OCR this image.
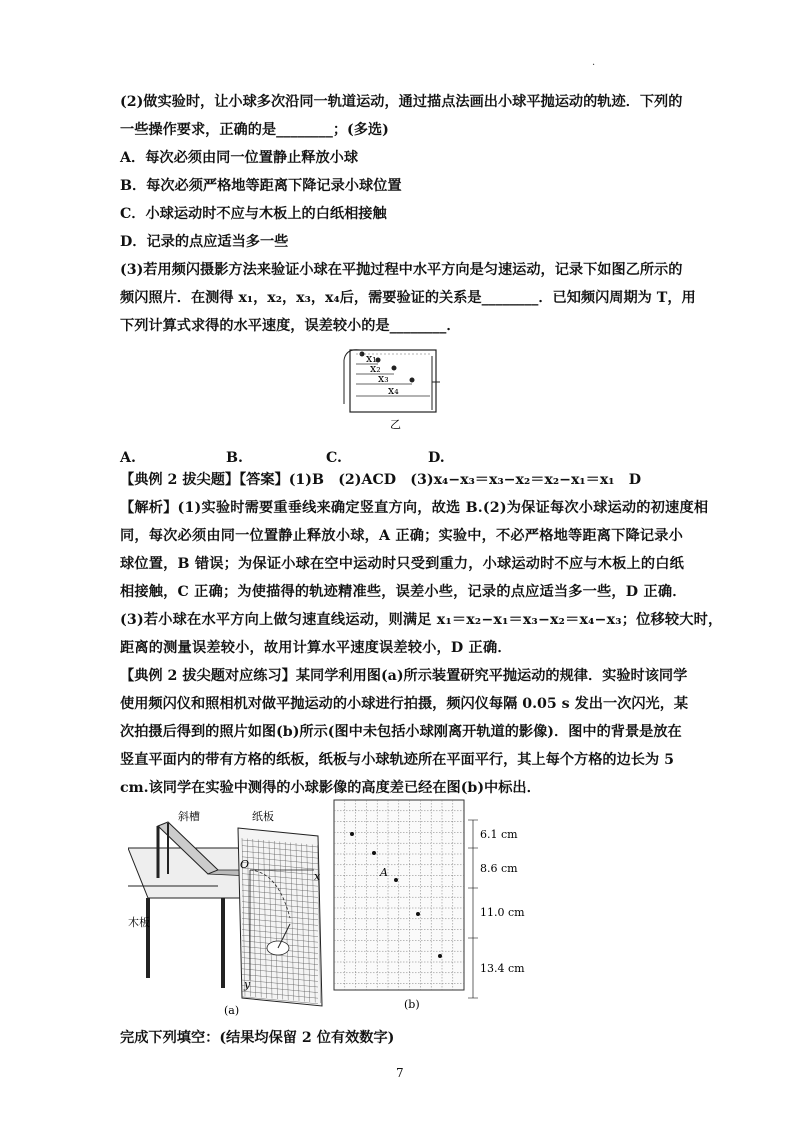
·
(2)做实验时，让小球多次沿同一轨道运动，通过描点法画出小球平抛运动的轨迹．下列的
一些操作要求，正确的是________；(多选)
A．每次必须由同一位置静止释放小球
B．每次必须严格地等距离下降记录小球位置
C．小球运动时不应与木板上的白纸相接触
D．记录的点应适当多一些
(3)若用频闪摄影方法来验证小球在平抛过程中水平方向是匀速运动，记录下如图乙所示的
频闪照片．在测得 x₁，x₂，x₃，x₄后，需要验证的关系是________．已知频闪周期为 T，用
下列计算式求得的水平速度，误差较小的是________．
x₁
x₂
x₃
x₄
乙
A.	B.	C.	D.
【典例 2 拔尖题】【答案】(1)B　(2)ACD　(3)x₄−x₃＝x₃−x₂＝x₂−x₁＝x₁　D
【解析】(1)实验时需要重垂线来确定竖直方向，故选 B.(2)为保证每次小球运动的初速度相
同，每次必须由同一位置静止释放小球，A 正确；实验中，不必严格地等距离下降记录小
球位置，B 错误；为保证小球在空中运动时只受到重力，小球运动时不应与木板上的白纸
相接触，C 正确；为使描得的轨迹精准些，误差小些，记录的点应适当多一些，D 正确．
(3)若小球在水平方向上做匀速直线运动，则满足 x₁＝x₂−x₁＝x₃−x₂＝x₄−x₃；位移较大时，
距离的测量误差较小，故用计算水平速度误差较小，D 正确．
【典例 2 拔尖题对应练习】某同学利用图(a)所示装置研究平抛运动的规律．实验时该同学
使用频闪仪和照相机对做平抛运动的小球进行拍摄，频闪仪每隔 0.05 s 发出一次闪光，某
次拍摄后得到的照片如图(b)所示(图中未包括小球刚离开轨道的影像)．图中的背景是放在
竖直平面内的带有方格的纸板，纸板与小球轨迹所在平面平行，其上每个方格的边长为 5
cm.该同学在实验中测得的小球影像的高度差已经在图(b)中标出．
斜槽	纸板
木板
O
x
y
(a)
A
6.1 cm
8.6 cm
11.0 cm
13.4 cm
(b)
完成下列填空：(结果均保留 2 位有效数字)
7
